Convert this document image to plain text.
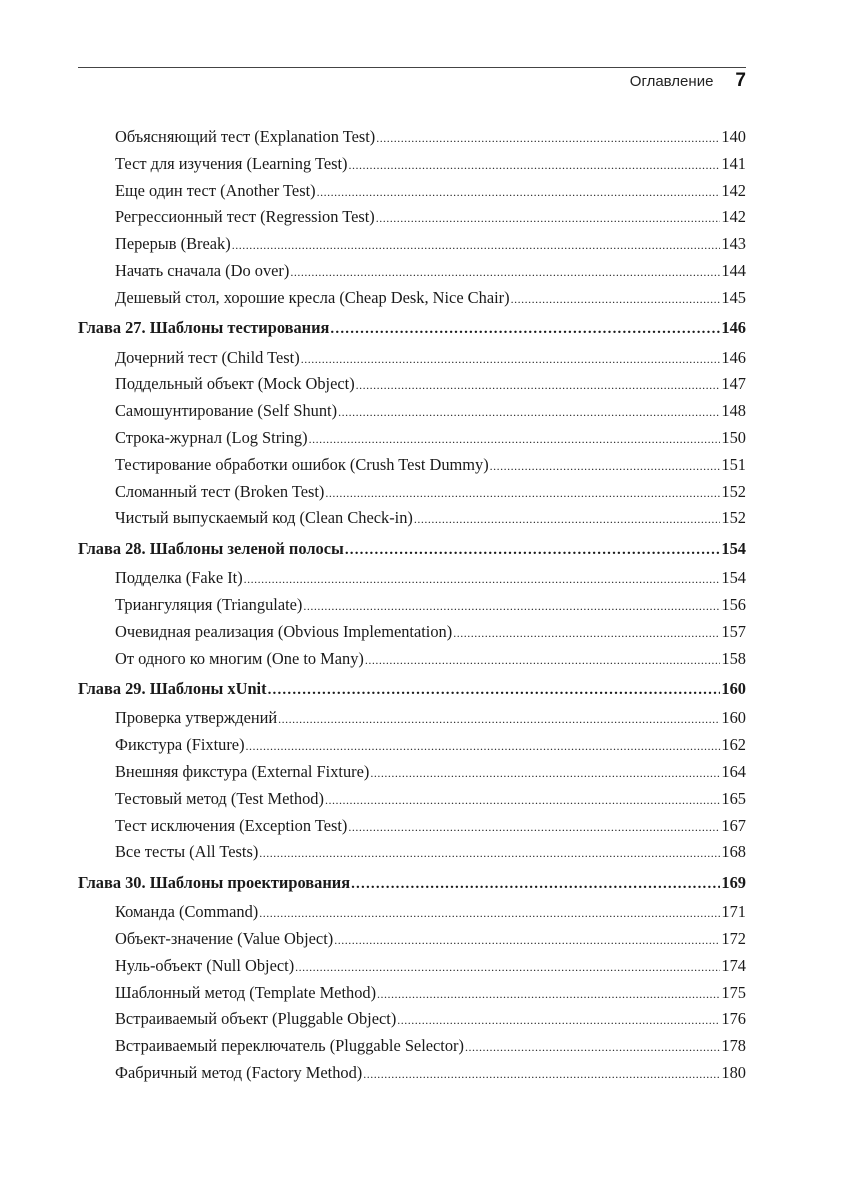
Оглавление 7
Объясняющий тест (Explanation Test) .....	140
Тест для изучения (Learning Test) .....	141
Еще один тест (Another Test) .....	142
Регрессионный тест (Regression Test) .....	142
Перерыв (Break) .....	143
Начать сначала (Do over) .....	144
Дешевый стол, хорошие кресла (Cheap Desk, Nice Chair) .....	145
Глава 27. Шаблоны тестирования .....	146
Дочерний тест (Child Test) .....	146
Поддельный объект (Mock Object) .....	147
Самошунтирование (Self Shunt) .....	148
Строка-журнал (Log String) .....	150
Тестирование обработки ошибок (Crush Test Dummy) .....	151
Сломанный тест (Broken Test) .....	152
Чистый выпускаемый код (Clean Check-in) .....	152
Глава 28. Шаблоны зеленой полосы .....	154
Подделка (Fake It) .....	154
Триангуляция (Triangulate) .....	156
Очевидная реализация (Obvious Implementation) .....	157
От одного ко многим (One to Many) .....	158
Глава 29. Шаблоны xUnit .....	160
Проверка утверждений .....	160
Фикстура (Fixture) .....	162
Внешняя фикстура (External Fixture) .....	164
Тестовый метод (Test Method) .....	165
Тест исключения (Exception Test) .....	167
Все тесты (All Tests) .....	168
Глава 30. Шаблоны проектирования .....	169
Команда (Command) .....	171
Объект-значение (Value Object) .....	172
Нуль-объект (Null Object) .....	174
Шаблонный метод (Template Method) .....	175
Встраиваемый объект (Pluggable Object) .....	176
Встраиваемый переключатель (Pluggable Selector) .....	178
Фабричный метод (Factory Method) .....	180
